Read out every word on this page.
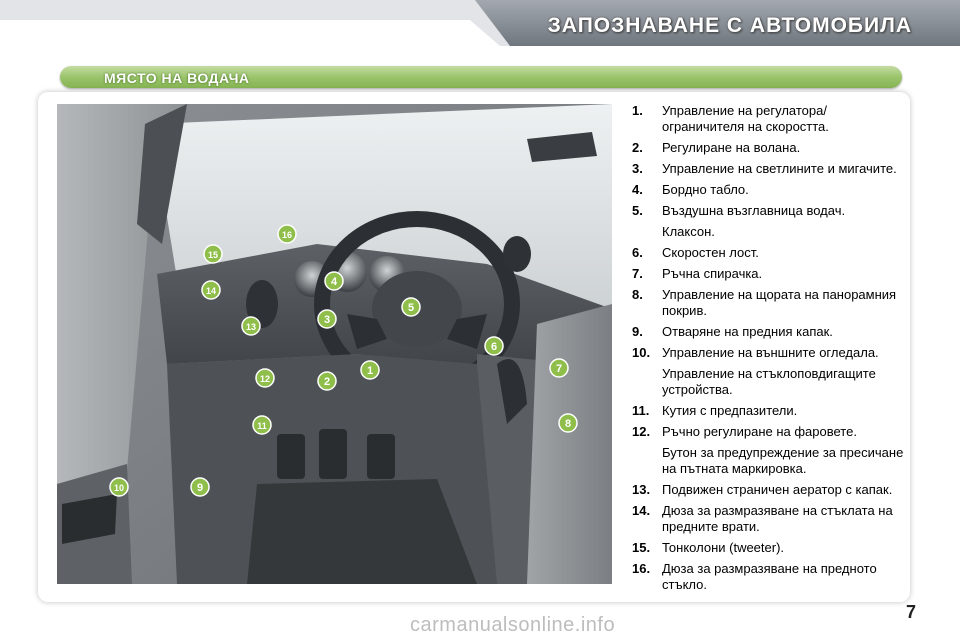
ЗАПОЗНАВАНЕ С АВТОМОБИЛА
МЯСТО НА ВОДАЧА
1
2
3
4
5
6
7
8
9
10
11
12
13
14
15
16
1.	Управление на регулатора/ ограничителя на скоростта.
2.	Регулиране на волана.
3.	Управление на светлините и мигачите.
4.	Бордно табло.
5.	Въздушна възглавница водач.
Клаксон.
6.	Скоростен лост.
7.	Ръчна спирачка.
8.	Управление на щората на панорамния покрив.
9.	Отваряне на предния капак.
10. Управление на външните огледала.
Управление на стъклоповдигащите устройства.
11. Кутия с предпазители.
12. Ръчно регулиране на фаровете.
Бутон за предупреждение за пресичане на пътната маркировка.
13. Подвижен страничен аератор с капак.
14. Дюза за размразяване на стъклата на предните врати.
15. Тонколони (tweeter).
16. Дюза за размразяване на предното стъкло.
7
carmanualsonline.info
